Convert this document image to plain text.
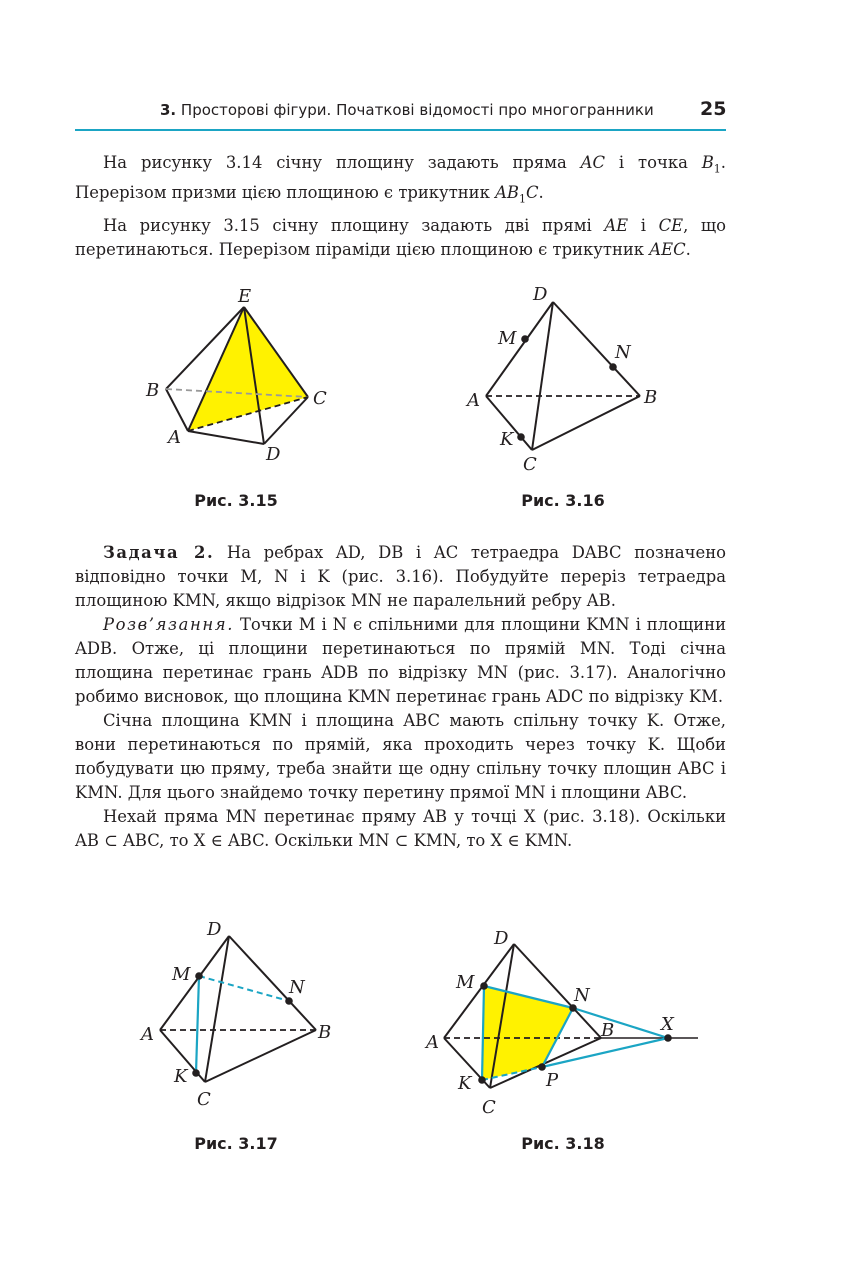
3. Просторові фігури. Початкові відомості про многогранники 25

На рисунку 3.14 січну площину задають пряма AC і точка $B_1$. Перерізом призми цією площиною є трикутник $AB_1C$.

На рисунку 3.15 січну площину задають дві прямі AE і CE, що перетинаються. Перерізом піраміди цією площиною є трикутник AEC.

E
B	C
A
D
Рис. 3.15
D
M
N
A	B
K
C
Рис. 3.16

Задача 2. На ребрах AD, DB і AC тетраедра DABC позначено відповідно точки M, N і K (рис. 3.16). Побудуйте переріз тетраедра площиною KMN, якщо відрізок MN не паралельний ребру AB.

Розв’язання. Точки M і N є спільними для площини KMN і площини ADB. Отже, ці площини перетинаються по прямій MN. Тоді січна площина перетинає грань ADB по відрізку MN (рис. 3.17). Аналогічно робимо висновок, що площина KMN перетинає грань ADC по відрізку KM.

Січна площина KMN і площина ABC мають спільну точку K. Отже, вони перетинаються по прямій, яка проходить через точку K. Щоби побудувати цю пряму, треба знайти ще одну спільну точку площин ABC і KMN. Для цього знайдемо точку перетину прямої MN і площини ABC.

Нехай пряма MN перетинає пряму AB у точці X (рис. 3.18). Оскільки AB ⊂ ABC, то X ∈ ABC. Оскільки MN ⊂ KMN, то X ∈ KMN.

D
M
N
A	B
K
C
Рис. 3.17
D
M
N
X
A
B
K	P
C
Рис. 3.18
